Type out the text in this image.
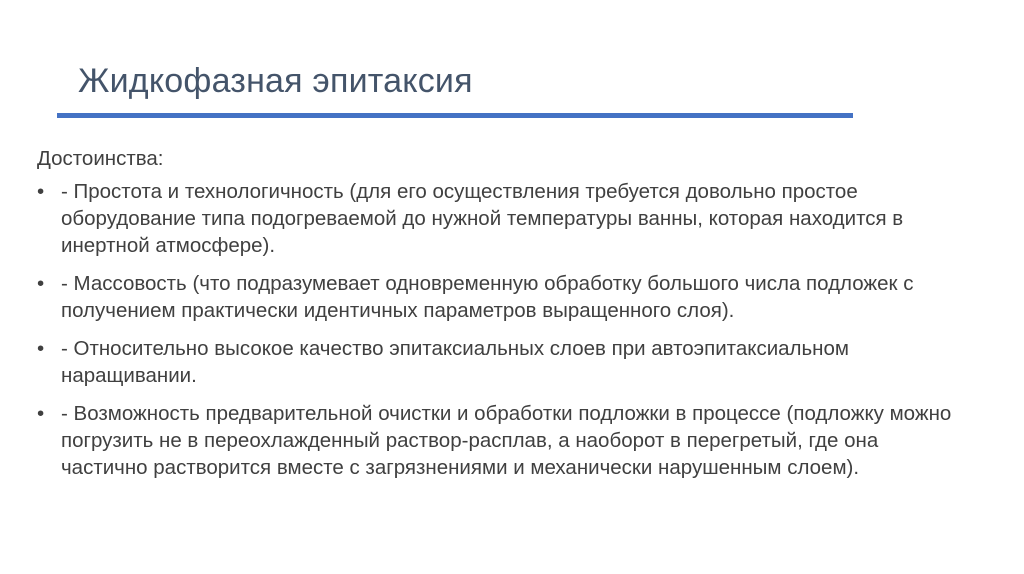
Жидкофазная эпитаксия

Достоинства:

• - Простота и технологичность (для его осуществления требуется довольно простое оборудование типа подогреваемой до нужной температуры ванны, которая находится в инертной атмосфере).
• - Массовость (что подразумевает одновременную обработку большого числа подложек с получением практически идентичных параметров выращенного слоя).
• - Относительно высокое качество эпитаксиальных слоев при автоэпитаксиальном наращивании.
• - Возможность предварительной очистки и обработки подложки в процессе (подложку можно погрузить не в переохлажденный раствор-расплав, а наоборот в перегретый, где она частично растворится вместе с загрязнениями и механически нарушенным слоем).
